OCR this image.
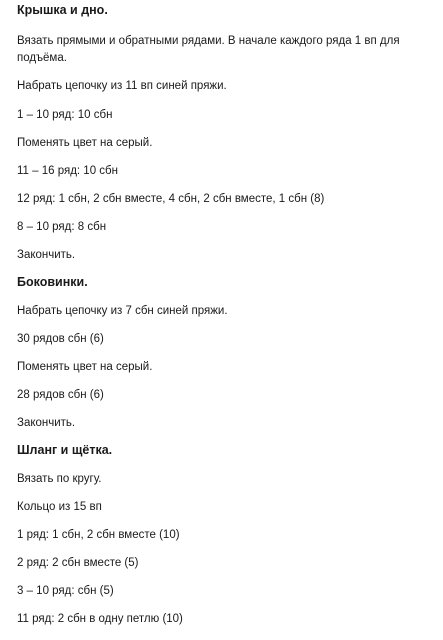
Крышка и дно.
Вязать прямыми и обратными рядами. В начале каждого ряда 1 вп для
подъёма.
Набрать цепочку из 11 вп синей пряжи.
1 – 10 ряд: 10 сбн
Поменять цвет на серый.
11 – 16 ряд: 10 сбн
12 ряд: 1 сбн, 2 сбн вместе, 4 сбн, 2 сбн вместе, 1 сбн (8)
8 – 10 ряд: 8 сбн
Закончить.
Боковинки.
Набрать цепочку из 7 сбн синей пряжи.
30 рядов сбн (6)
Поменять цвет на серый.
28 рядов сбн (6)
Закончить.
Шланг и щётка.
Вязать по кругу.
Кольцо из 15 вп
1 ряд: 1 сбн, 2 сбн вместе (10)
2 ряд: 2 сбн вместе (5)
3 – 10 ряд: сбн (5)
11 ряд: 2 сбн в одну петлю (10)
